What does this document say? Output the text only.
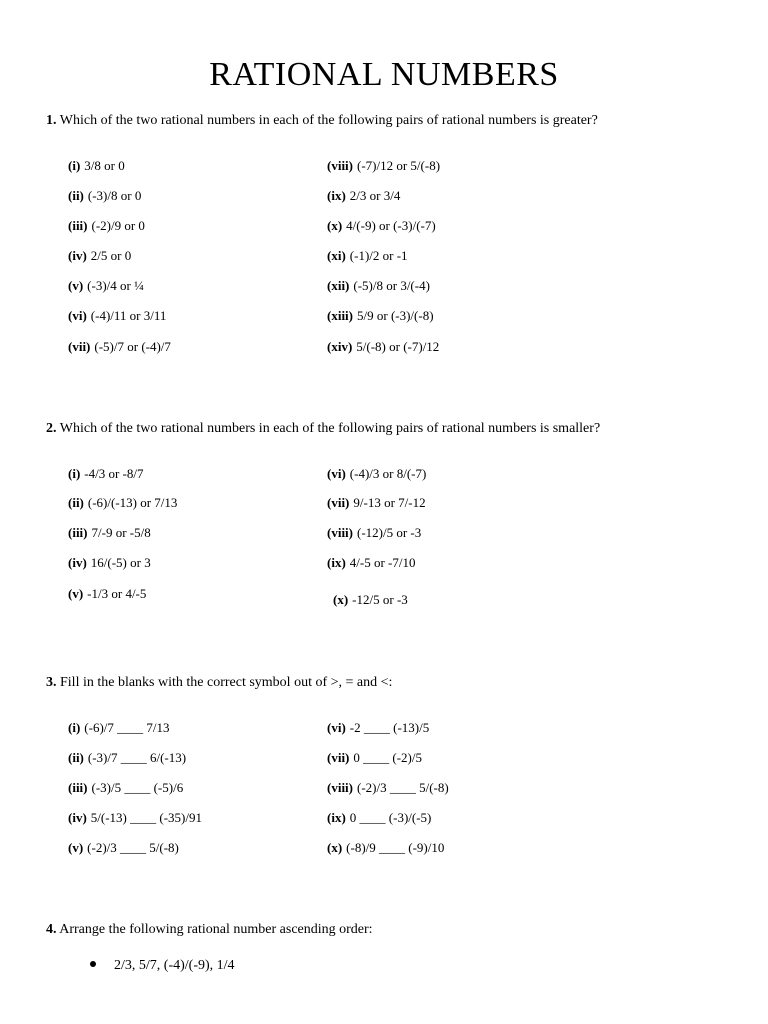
RATIONAL NUMBERS
1. Which of the two rational numbers in each of the following pairs of rational numbers is greater?
(i) 3/8 or 0
(ii) (-3)/8 or 0
(iii) (-2)/9 or 0
(iv) 2/5 or 0
(v) (-3)/4 or ¼
(vi) (-4)/11 or 3/11
(vii) (-5)/7 or (-4)/7
(viii) (-7)/12 or 5/(-8)
(ix) 2/3 or 3/4
(x) 4/(-9) or (-3)/(-7)
(xi) (-1)/2 or -1
(xii) (-5)/8 or 3/(-4)
(xiii) 5/9 or (-3)/(-8)
(xiv) 5/(-8) or (-7)/12
2. Which of the two rational numbers in each of the following pairs of rational numbers is smaller?
(i) -4/3 or -8/7
(ii) (-6)/(-13) or 7/13
(iii) 7/-9 or -5/8
(iv) 16/(-5) or 3
(v) -1/3 or 4/-5
(vi) (-4)/3 or 8/(-7)
(vii) 9/-13 or 7/-12
(viii) (-12)/5 or -3
(ix) 4/-5 or -7/10
(x) -12/5 or -3
3. Fill in the blanks with the correct symbol out of >, = and <:
(i) (-6)/7 ____ 7/13
(ii) (-3)/7 ____ 6/(-13)
(iii) (-3)/5 ____ (-5)/6
(iv) 5/(-13) ____ (-35)/91
(v) (-2)/3 ____ 5/(-8)
(vi) -2 ____ (-13)/5
(vii) 0 ____ (-2)/5
(viii) (-2)/3 ____ 5/(-8)
(ix) 0 ____ (-3)/(-5)
(x) (-8)/9 ____ (-9)/10
4. Arrange the following rational number ascending order:
2/3, 5/7, (-4)/(-9), 1/4
